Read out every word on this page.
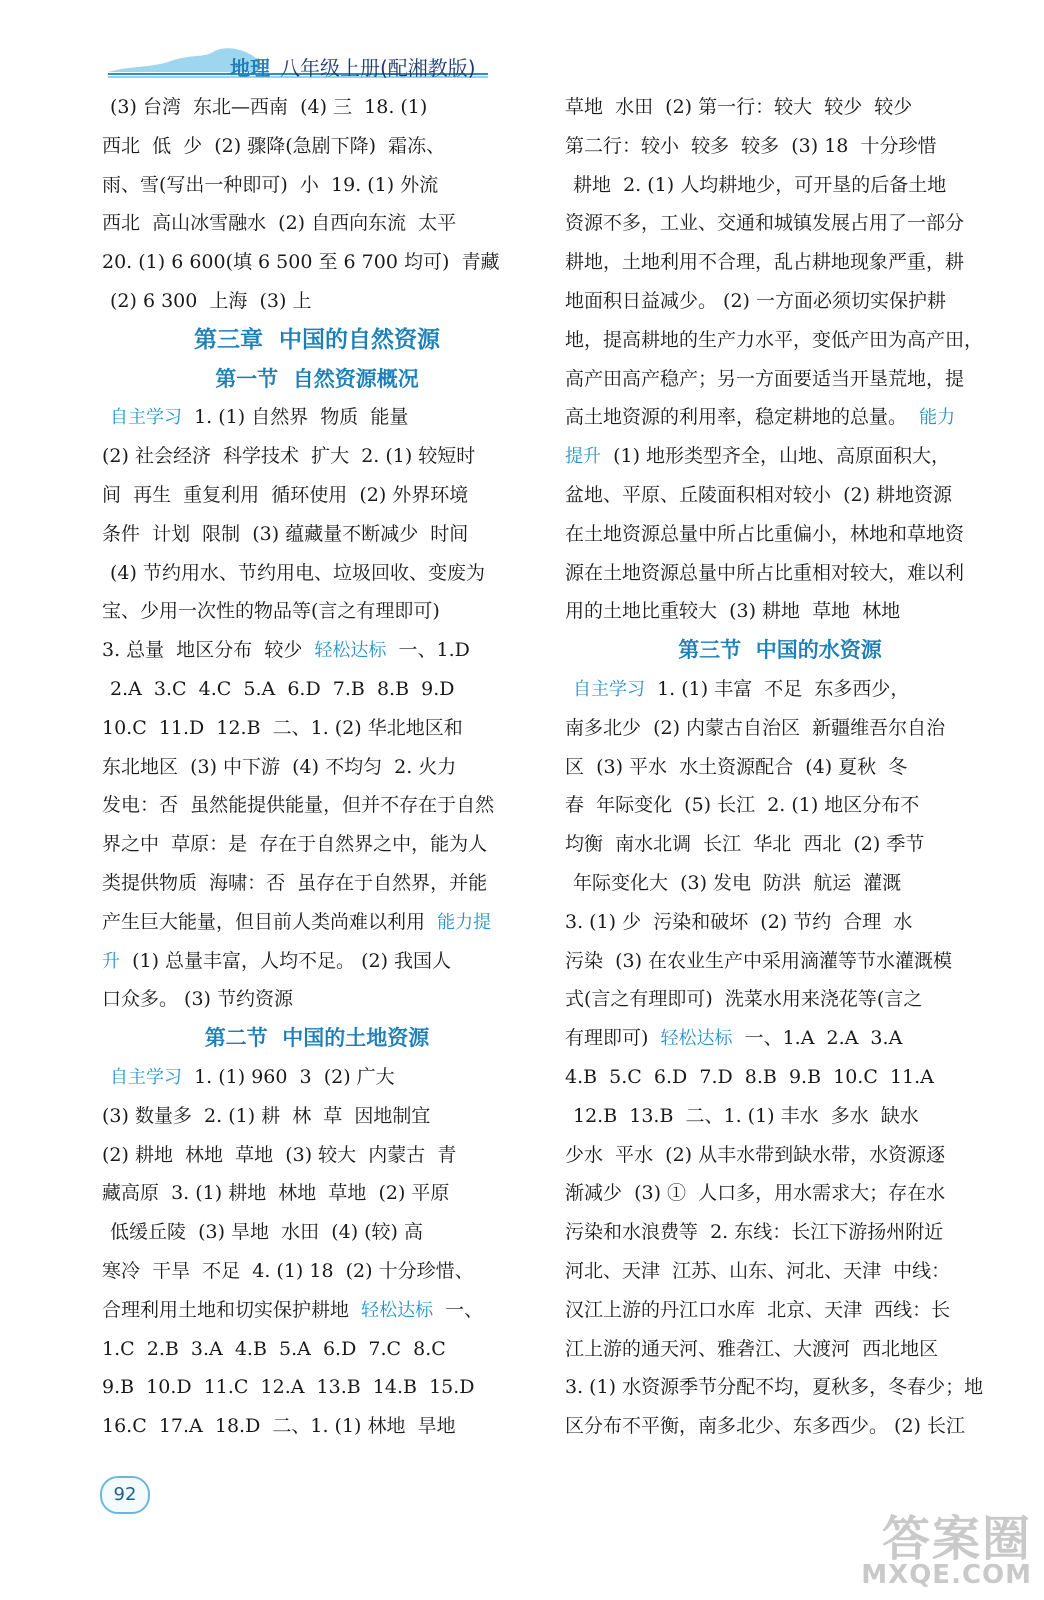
地理 八年级上册(配湘教版)
(3) 台湾  东北—西南  (4) 三  18. (1)
西北  低  少  (2) 骤降(急剧下降)  霜冻、
雨、雪(写出一种即可)  小  19. (1) 外流
西北  高山冰雪融水  (2) 自西向东流  太平
20. (1) 6 600(填 6 500 至 6 700 均可)  青藏
(2) 6 300  上海  (3) 上
第三章  中国的自然资源
第一节  自然资源概况
自主学习  1. (1) 自然界  物质  能量
(2) 社会经济  科学技术  扩大  2. (1) 较短时
间  再生  重复利用  循环使用  (2) 外界环境
条件  计划  限制  (3) 蕴藏量不断减少  时间
(4) 节约用水、节约用电、垃圾回收、变废为
宝、少用一次性的物品等(言之有理即可)
3. 总量  地区分布  较少  轻松达标  一、1.D
2.A  3.C  4.C  5.A  6.D  7.B  8.B  9.D
10.C  11.D  12.B  二、1. (2) 华北地区和
东北地区  (3) 中下游  (4) 不均匀  2. 火力
发电：否  虽然能提供能量，但并不存在于自然
界之中  草原：是  存在于自然界之中，能为人
类提供物质  海啸：否  虽存在于自然界，并能
产生巨大能量，但目前人类尚难以利用  能力提
升  (1) 总量丰富，人均不足。 (2) 我国人
口众多。 (3) 节约资源
第二节  中国的土地资源
自主学习  1. (1) 960  3  (2) 广大
(3) 数量多  2. (1) 耕  林  草  因地制宜
(2) 耕地  林地  草地  (3) 较大  内蒙古  青
藏高原  3. (1) 耕地  林地  草地  (2) 平原
低缓丘陵  (3) 旱地  水田  (4) (较) 高
寒冷  干旱  不足  4. (1) 18  (2) 十分珍惜、
合理利用土地和切实保护耕地  轻松达标  一、
1.C  2.B  3.A  4.B  5.A  6.D  7.C  8.C
9.B  10.D  11.C  12.A  13.B  14.B  15.D
16.C  17.A  18.D  二、1. (1) 林地  旱地
草地  水田  (2) 第一行：较大  较少  较少
第二行：较小  较多  较多  (3) 18  十分珍惜
耕地  2. (1) 人均耕地少，可开垦的后备土地
资源不多，工业、交通和城镇发展占用了一部分
耕地，土地利用不合理，乱占耕地现象严重，耕
地面积日益减少。 (2) 一方面必须切实保护耕
地，提高耕地的生产力水平，变低产田为高产田，
高产田高产稳产；另一方面要适当开垦荒地，提
高土地资源的利用率，稳定耕地的总量。  能力
提升  (1) 地形类型齐全，山地、高原面积大，
盆地、平原、丘陵面积相对较小  (2) 耕地资源
在土地资源总量中所占比重偏小，林地和草地资
源在土地资源总量中所占比重相对较大，难以利
用的土地比重较大  (3) 耕地  草地  林地
第三节  中国的水资源
自主学习  1. (1) 丰富  不足  东多西少，
南多北少  (2) 内蒙古自治区  新疆维吾尔自治
区  (3) 平水  水土资源配合  (4) 夏秋  冬
春  年际变化  (5) 长江  2. (1) 地区分布不
均衡  南水北调  长江  华北  西北  (2) 季节
年际变化大  (3) 发电  防洪  航运  灌溉
3. (1) 少  污染和破坏  (2) 节约  合理  水
污染  (3) 在农业生产中采用滴灌等节水灌溉模
式(言之有理即可)  洗菜水用来浇花等(言之
有理即可)  轻松达标  一、1.A  2.A  3.A
4.B  5.C  6.D  7.D  8.B  9.B  10.C  11.A
12.B  13.B  二、1. (1) 丰水  多水  缺水
少水  平水  (2) 从丰水带到缺水带，水资源逐
渐减少  (3) ①  人口多，用水需求大；存在水
污染和水浪费等  2. 东线：长江下游扬州附近
河北、天津  江苏、山东、河北、天津  中线：
汉江上游的丹江口水库  北京、天津  西线：长
江上游的通天河、雅砻江、大渡河  西北地区
3. (1) 水资源季节分配不均，夏秋多，冬春少；地
区分布不平衡，南多北少、东多西少。 (2) 长江
92
答案圈
MXQE.COM
